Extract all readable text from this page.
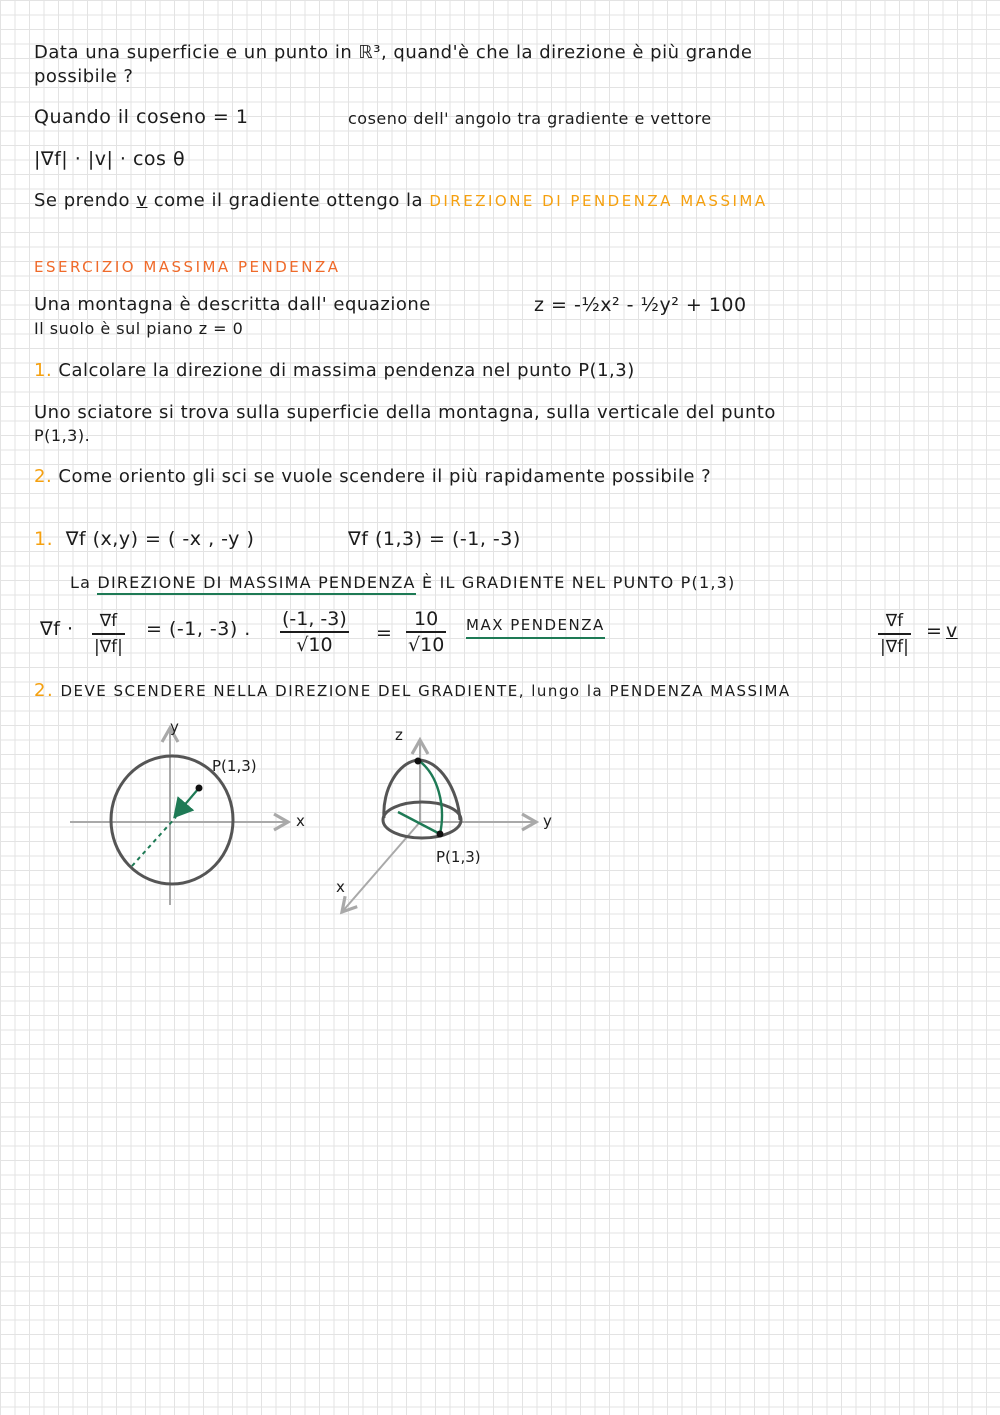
Data una superficie e un punto in ℝ³, quand'è che la direzione è più grande
possibile ?
Quando il coseno = 1	coseno dell' angolo tra gradiente e vettore
|∇f| · |v| · cos θ
Se prendo v come il gradiente ottengo la DIREZIONE DI PENDENZA MASSIMA
ESERCIZIO MASSIMA PENDENZA
Una montagna è descritta dall' equazione	z = -½x² - ½y² + 100
Il suolo è sul piano z = 0
1. Calcolare la direzione di massima pendenza nel punto P(1,3)
Uno sciatore si trova sulla superficie della montagna, sulla verticale del punto
P(1,3).
2. Come oriento gli sci se vuole scendere il più rapidamente possibile ?
1. ∇f (x,y) = ( -x , -y )	∇f (1,3) = (-1, -3)
La DIREZIONE DI MASSIMA PENDENZA È IL GRADIENTE NEL PUNTO P(1,3)
∇f ·	∇f
|∇f|
= (-1, -3) . (-1, -3)
√10
=
10
√10
MAX PENDENZA	∇f
|∇f|
= v
2. DEVE SCENDERE NELLA DIREZIONE DEL GRADIENTE, lungo la PENDENZA MASSIMA
y
x
P(1,3)
z
y
x
P(1,3)
